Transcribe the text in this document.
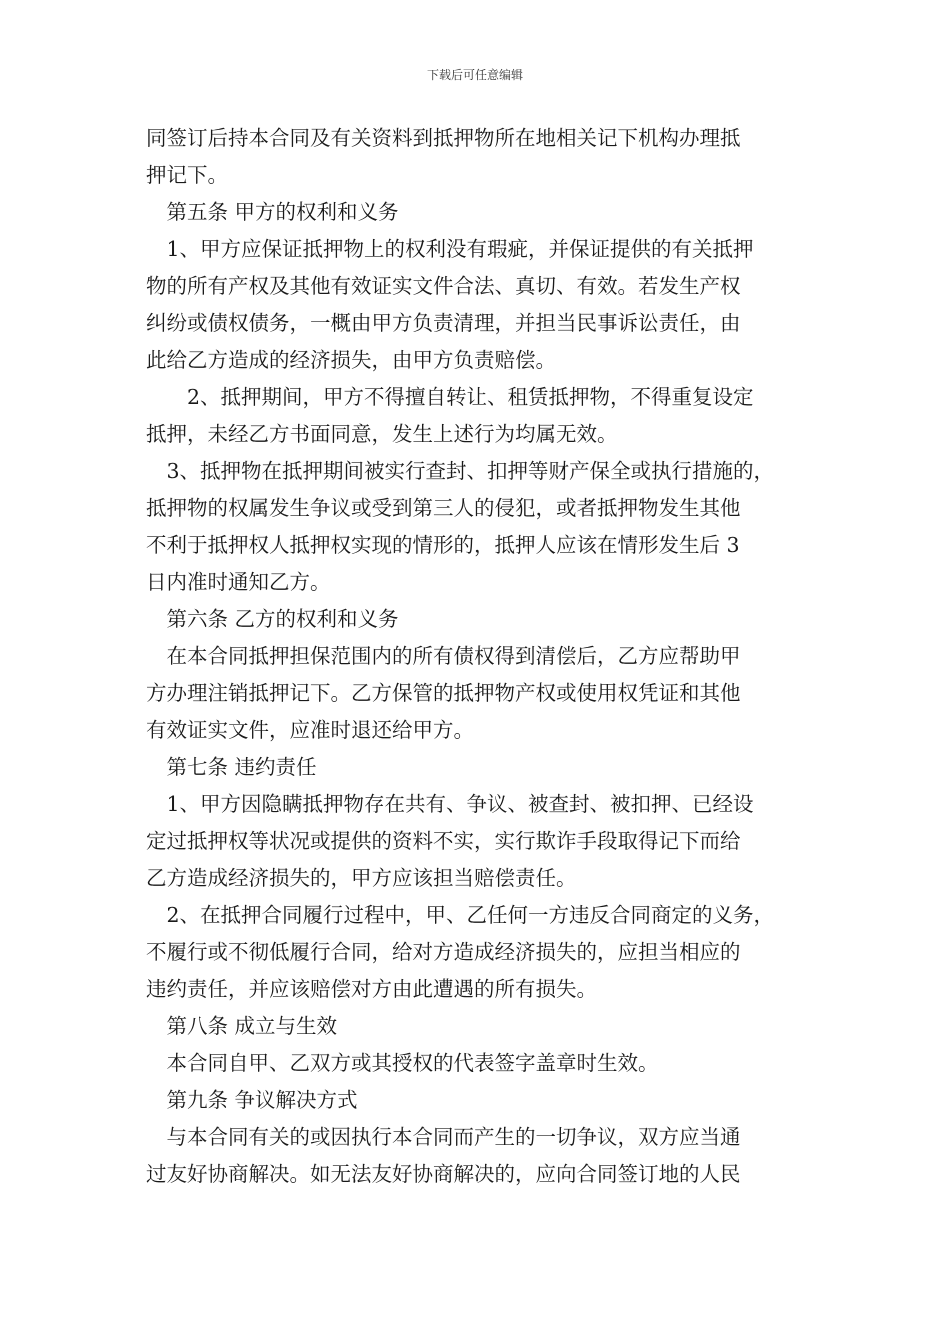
下载后可任意编辑
同签订后持本合同及有关资料到抵押物所在地相关记下机构办理抵
押记下。
　第五条 甲方的权利和义务
　1、甲方应保证抵押物上的权利没有瑕疵，并保证提供的有关抵押
物的所有产权及其他有效证实文件合法、真切、有效。若发生产权
纠纷或债权债务，一概由甲方负责清理，并担当民事诉讼责任，由
此给乙方造成的经济损失，由甲方负责赔偿。
　　2、抵押期间，甲方不得擅自转让、租赁抵押物，不得重复设定
抵押，未经乙方书面同意，发生上述行为均属无效。
　3、抵押物在抵押期间被实行查封、扣押等财产保全或执行措施的，
抵押物的权属发生争议或受到第三人的侵犯，或者抵押物发生其他
不利于抵押权人抵押权实现的情形的，抵押人应该在情形发生后 3
日内准时通知乙方。
　第六条 乙方的权利和义务
　在本合同抵押担保范围内的所有债权得到清偿后，乙方应帮助甲
方办理注销抵押记下。乙方保管的抵押物产权或使用权凭证和其他
有效证实文件，应准时退还给甲方。
　第七条 违约责任
　1、甲方因隐瞒抵押物存在共有、争议、被查封、被扣押、已经设
定过抵押权等状况或提供的资料不实，实行欺诈手段取得记下而给
乙方造成经济损失的，甲方应该担当赔偿责任。
　2、在抵押合同履行过程中，甲、乙任何一方违反合同商定的义务，
不履行或不彻低履行合同，给对方造成经济损失的，应担当相应的
违约责任，并应该赔偿对方由此遭遇的所有损失。
　第八条 成立与生效
　本合同自甲、乙双方或其授权的代表签字盖章时生效。
　第九条 争议解决方式
　与本合同有关的或因执行本合同而产生的一切争议，双方应当通
过友好协商解决。如无法友好协商解决的，应向合同签订地的人民
